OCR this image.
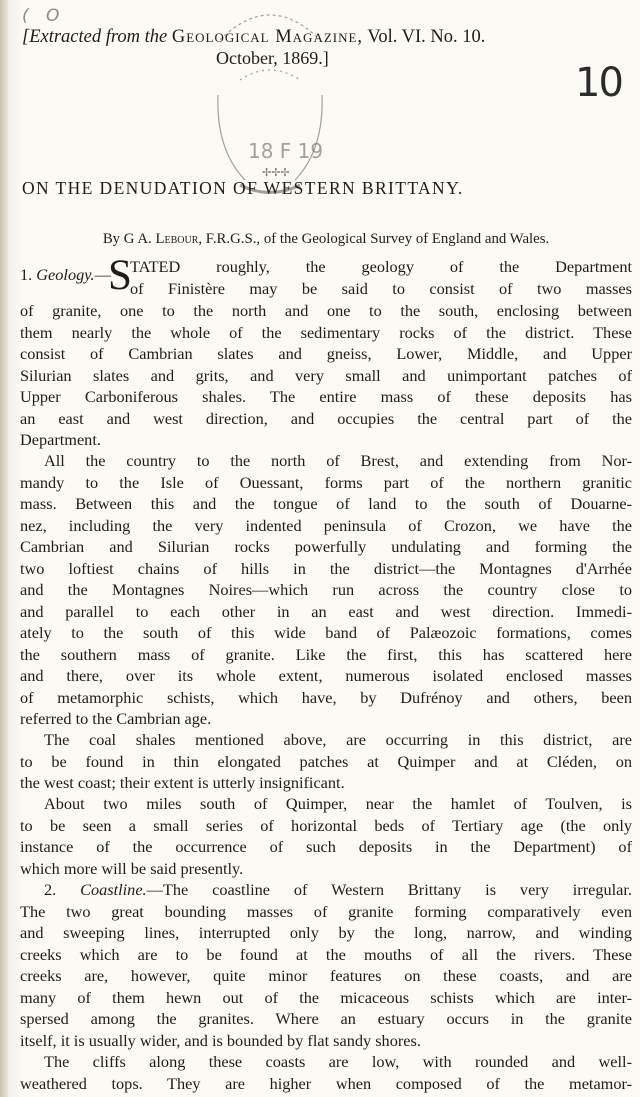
( O
10
18 F 19
✢✢✢
[Extracted from the Geological Magazine, Vol. VI. No. 10.
October, 1869.]
ON THE DENUDATION OF WESTERN BRITTANY.
By G A. Lebour, F.R.G.S., of the Geological Survey of England and Wales.
1. Geology.—
S
TATED roughly, the geology of the Department
of Finistère may be said to consist of two masses
of granite, one to the north and one to the south, enclosing between
them nearly the whole of the sedimentary rocks of the district. These
consist of Cambrian slates and gneiss, Lower, Middle, and Upper
Silurian slates and grits, and very small and unimportant patches of
Upper Carboniferous shales. The entire mass of these deposits has
an east and west direction, and occupies the central part of the
Department.
All the country to the north of Brest, and extending from Nor-
mandy to the Isle of Ouessant, forms part of the northern granitic
mass. Between this and the tongue of land to the south of Douarne-
nez, including the very indented peninsula of Crozon, we have the
Cambrian and Silurian rocks powerfully undulating and forming the
two loftiest chains of hills in the district—the Montagnes d'Arrhée
and the Montagnes Noires—which run across the country close to
and parallel to each other in an east and west direction. Immedi-
ately to the south of this wide band of Palæozoic formations, comes
the southern mass of granite. Like the first, this has scattered here
and there, over its whole extent, numerous isolated enclosed masses
of metamorphic schists, which have, by Dufrénoy and others, been
referred to the Cambrian age.
The coal shales mentioned above, are occurring in this district, are
to be found in thin elongated patches at Quimper and at Cléden, on
the west coast; their extent is utterly insignificant.
About two miles south of Quimper, near the hamlet of Toulven, is
to be seen a small series of horizontal beds of Tertiary age (the only
instance of the occurrence of such deposits in the Department) of
which more will be said presently.
2. Coastline.—The coastline of Western Brittany is very irregular.
The two great bounding masses of granite forming comparatively even
and sweeping lines, interrupted only by the long, narrow, and winding
creeks which are to be found at the mouths of all the rivers. These
creeks are, however, quite minor features on these coasts, and are
many of them hewn out of the micaceous schists which are inter-
spersed among the granites. Where an estuary occurs in the granite
itself, it is usually wider, and is bounded by flat sandy shores.
The cliffs along these coasts are low, with rounded and well-
weathered tops. They are higher when composed of the metamor-
